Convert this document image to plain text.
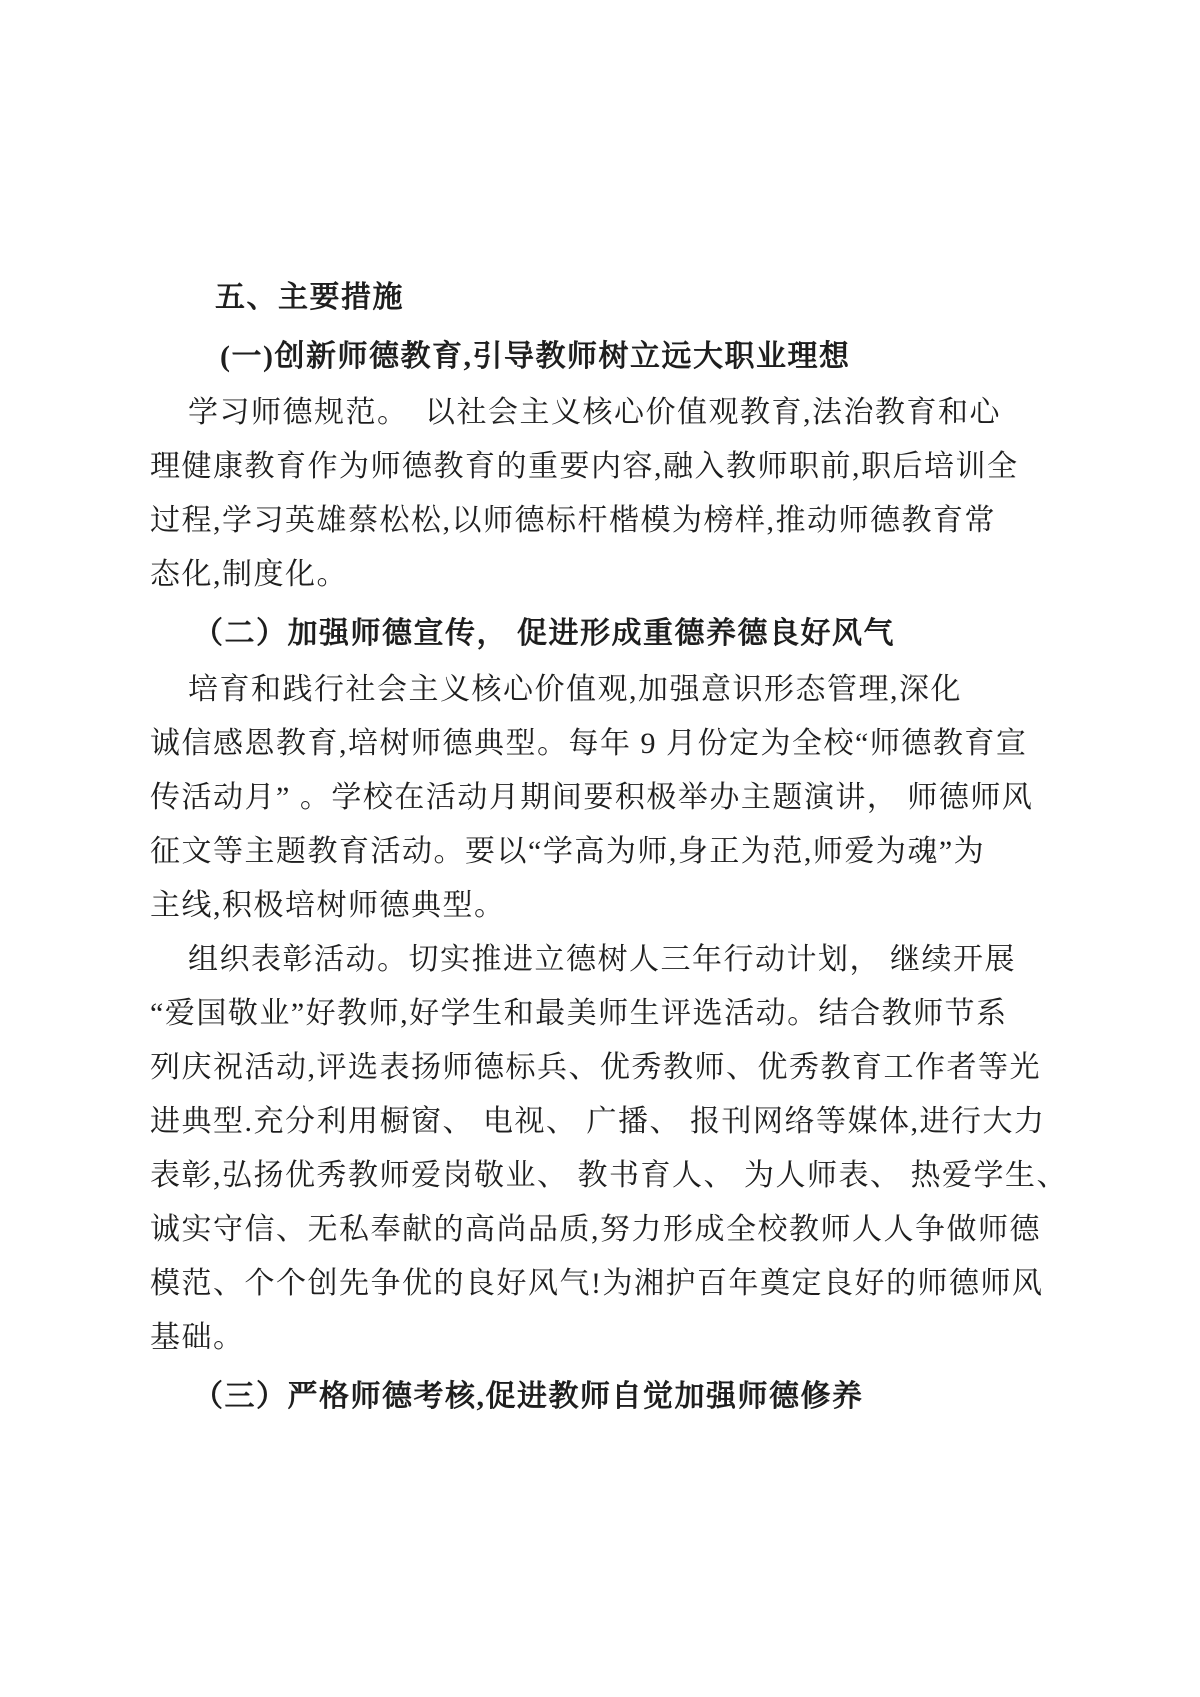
五、主要措施
(一)创新师德教育,引导教师树立远大职业理想
学习师德规范。　以社会主义核心价值观教育,法治教育和心
理健康教育作为师德教育的重要内容,融入教师职前,职后培训全
过程,学习英雄蔡松松,以师德标杆楷模为榜样,推动师德教育常
态化,制度化。
（二）加强师德宣传， 促进形成重德养德良好风气
培育和践行社会主义核心价值观,加强意识形态管理,深化
诚信感恩教育,培树师德典型。每年 9 月份定为全校“师德教育宣
传活动月” 。学校在活动月期间要积极举办主题演讲， 师德师风
征文等主题教育活动。要以“学高为师,身正为范,师爱为魂”为
主线,积极培树师德典型。
组织表彰活动。切实推进立德树人三年行动计划， 继续开展
“爱国敬业”好教师,好学生和最美师生评选活动。结合教师节系
列庆祝活动,评选表扬师德标兵、优秀教师、优秀教育工作者等光
进典型.充分利用橱窗、 电视、 广播、 报刊网络等媒体,进行大力
表彰,弘扬优秀教师爱岗敬业、 教书育人、 为人师表、 热爱学生、
诚实守信、无私奉献的高尚品质,努力形成全校教师人人争做师德
模范、个个创先争优的良好风气!为湘护百年奠定良好的师德师风
基础。
（三）严格师德考核,促进教师自觉加强师德修养
